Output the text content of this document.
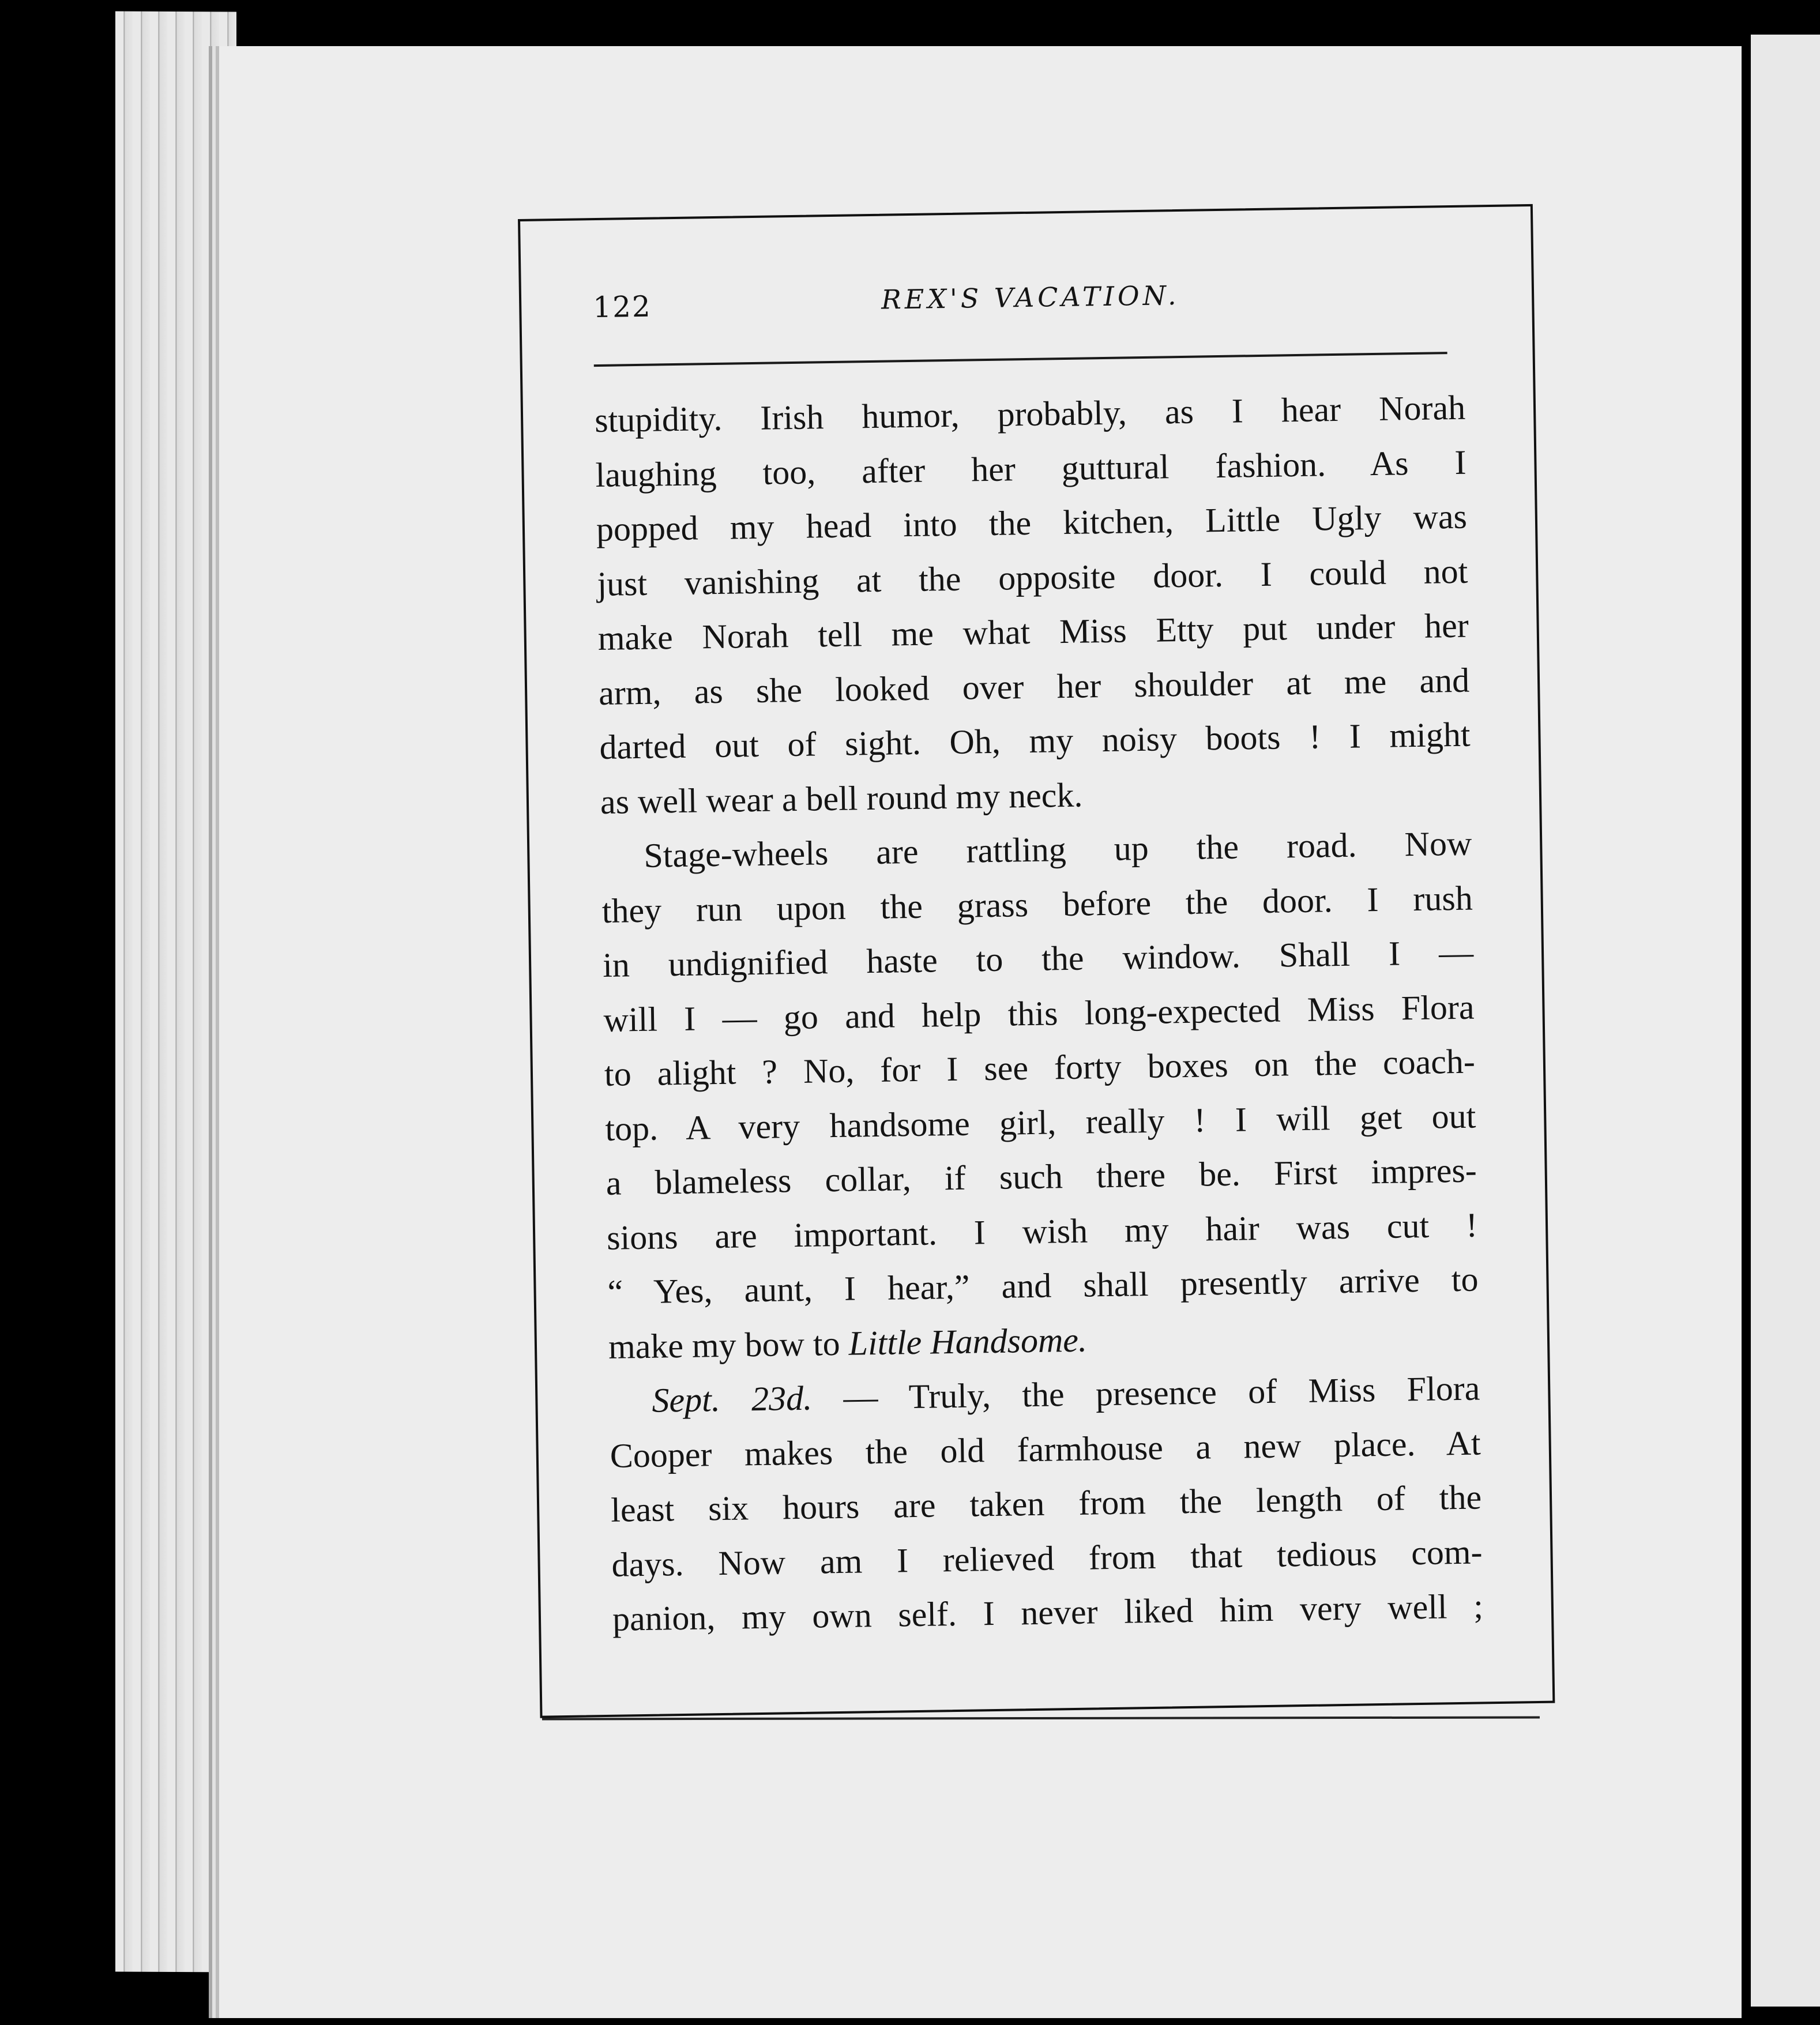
122	REX'S VACATION.
stupidity. Irish humor, probably, as I hear Norah
laughing too, after her guttural fashion. As I
popped my head into the kitchen, Little Ugly was
just vanishing at the opposite door. I could not
make Norah tell me what Miss Etty put under her
arm, as she looked over her shoulder at me and
darted out of sight. Oh, my noisy boots ! I might
as well wear a bell round my neck.
Stage-wheels are rattling up the road. Now
they run upon the grass before the door. I rush
in undignified haste to the window. Shall I —
will I — go and help this long-expected Miss Flora
to alight ? No, for I see forty boxes on the coach-
top. A very handsome girl, really ! I will get out
a blameless collar, if such there be. First impres-
sions are important. I wish my hair was cut !
“ Yes, aunt, I hear,” and shall presently arrive to
make my bow to Little Handsome.
Sept. 23d. — Truly, the presence of Miss Flora
Cooper makes the old farmhouse a new place. At
least six hours are taken from the length of the
days. Now am I relieved from that tedious com-
panion, my own self. I never liked him very well ;
